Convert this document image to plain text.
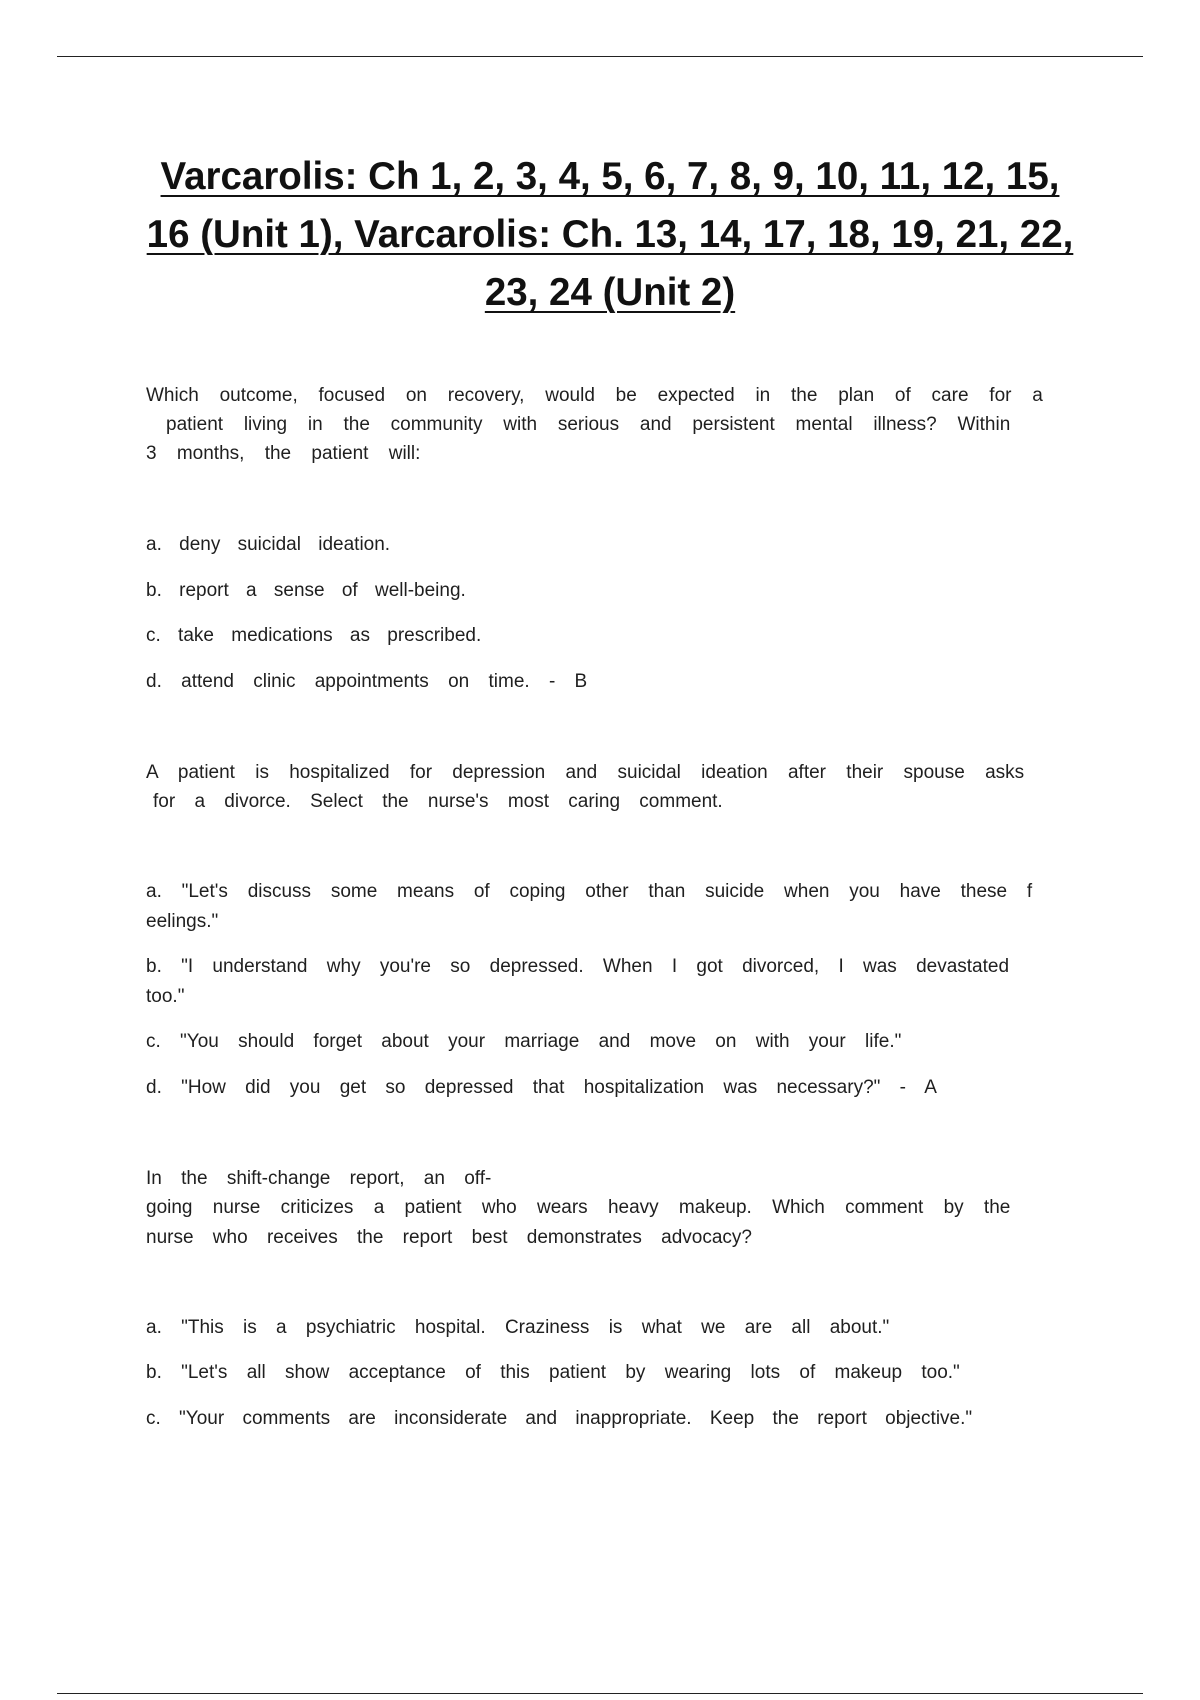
Varcarolis: Ch 1, 2, 3, 4, 5, 6, 7, 8, 9, 10, 11, 12, 15,
16 (Unit 1), Varcarolis: Ch. 13, 14, 17, 18, 19, 21, 22,
23, 24 (Unit 2)

Which outcome, focused on recovery, would be expected in the plan of care for a

patient living in the community with serious and persistent mental illness? Within

3 months, the patient will:

a. deny suicidal ideation.

b. report a sense of well-being.

c. take medications as prescribed.

d. attend clinic appointments on time. - B

A patient is hospitalized for depression and suicidal ideation after their spouse asks

for a divorce. Select the nurse's most caring comment.

a. "Let's discuss some means of coping other than suicide when you have these f

eelings."

b. "I understand why you're so depressed. When I got divorced, I was devastated

too."

c. "You should forget about your marriage and move on with your life."

d. "How did you get so depressed that hospitalization was necessary?" - A

In the shift-change report, an off-

going nurse criticizes a patient who wears heavy makeup. Which comment by the

nurse who receives the report best demonstrates advocacy?

a. "This is a psychiatric hospital. Craziness is what we are all about."

b. "Let's all show acceptance of this patient by wearing lots of makeup too."

c. "Your comments are inconsiderate and inappropriate. Keep the report objective."
